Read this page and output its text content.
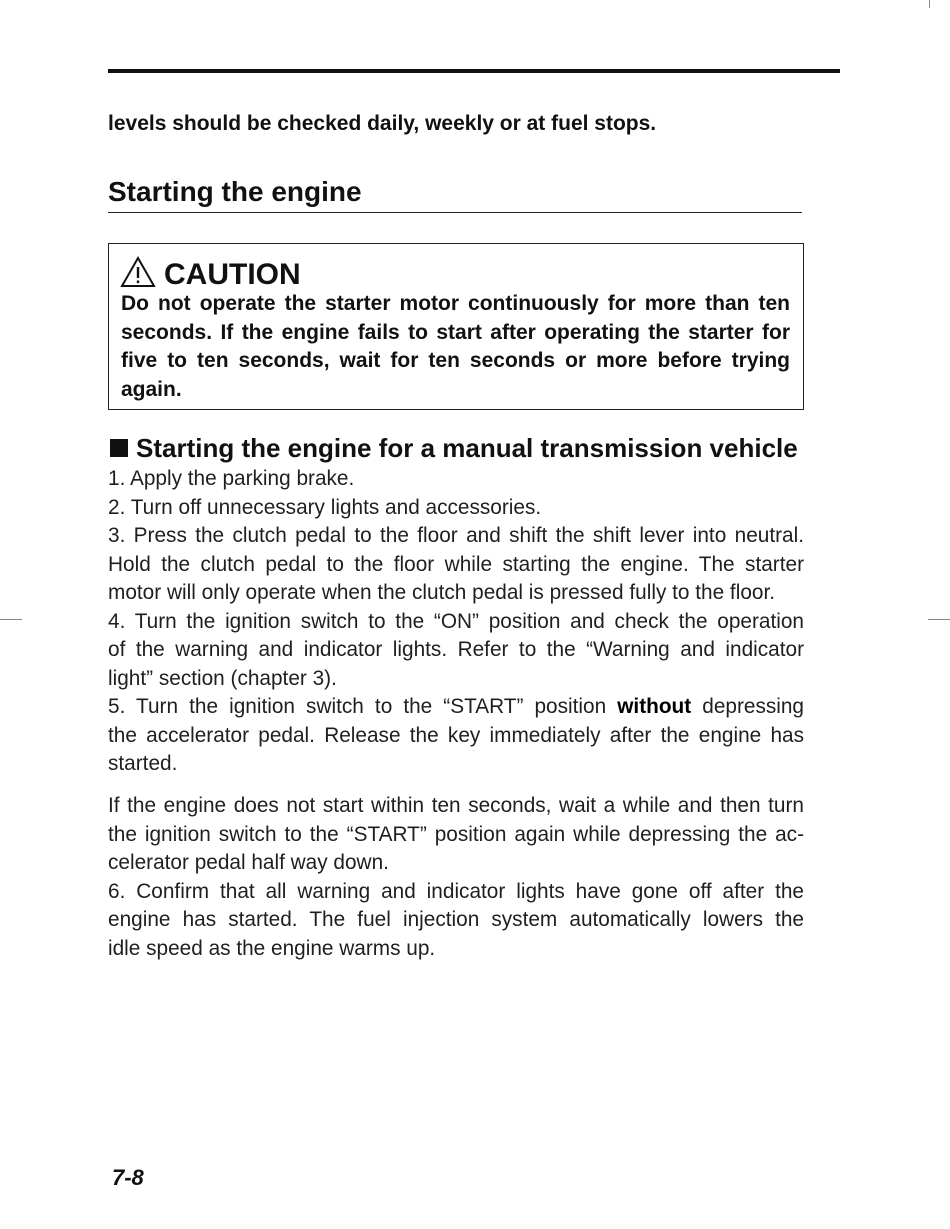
levels should be checked daily, weekly or at fuel stops.
Starting the engine
CAUTION
Do not operate the starter motor continuously for more than ten
seconds. If the engine fails to start after operating the starter for
five to ten seconds, wait for ten seconds or more before trying
again.
Starting the engine for a manual transmission vehicle
1. Apply the parking brake.
2. Turn off unnecessary lights and accessories.
3. Press the clutch pedal to the floor and shift the shift lever into neutral.
Hold the clutch pedal to the floor while starting the engine. The starter
motor will only operate when the clutch pedal is pressed fully to the floor.
4. Turn the ignition switch to the “ON” position and check the operation
of the warning and indicator lights. Refer to the “Warning and indicator
light” section (chapter 3).
5. Turn the ignition switch to the “START” position without depressing
the accelerator pedal. Release the key immediately after the engine has
started.
If the engine does not start within ten seconds, wait a while and then turn
the ignition switch to the “START” position again while depressing the ac-
celerator pedal half way down.
6. Confirm that all warning and indicator lights have gone off after the
engine has started. The fuel injection system automatically lowers the
idle speed as the engine warms up.
7-8
